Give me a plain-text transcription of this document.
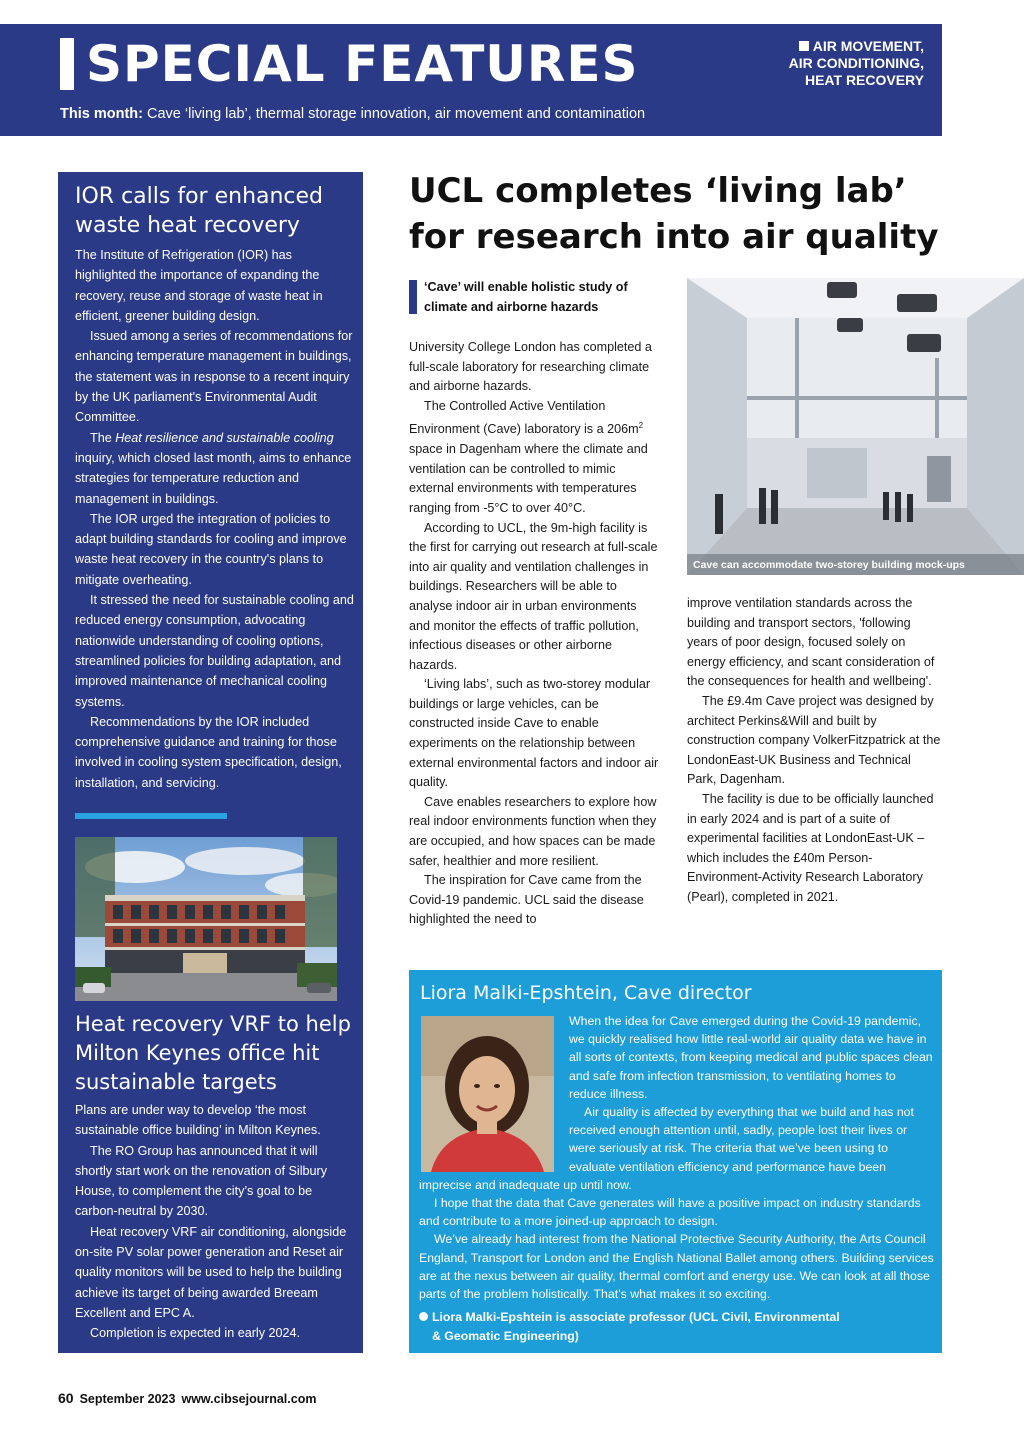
SPECIAL FEATURES
This month: Cave ‘living lab’, thermal storage innovation, air movement and contamination
AIR MOVEMENT,
AIR CONDITIONING,
HEAT RECOVERY
IOR calls for enhanced waste heat recovery

The Institute of Refrigeration (IOR) has highlighted the importance of expanding the recovery, reuse and storage of waste heat in efficient, greener building design.

Issued among a series of recommendations for enhancing temperature management in buildings, the statement was in response to a recent inquiry by the UK parliament's Environmental Audit Committee.

The Heat resilience and sustainable cooling inquiry, which closed last month, aims to enhance strategies for temperature reduction and management in buildings.

The IOR urged the integration of policies to adapt building standards for cooling and improve waste heat recovery in the country's plans to mitigate overheating.

It stressed the need for sustainable cooling and reduced energy consumption, advocating nationwide understanding of cooling options, streamlined policies for building adaptation, and improved maintenance of mechanical cooling systems.

Recommendations by the IOR included comprehensive guidance and training for those involved in cooling system specification, design, installation, and servicing.

Heat recovery VRF to help Milton Keynes office hit sustainable targets

Plans are under way to develop ‘the most sustainable office building’ in Milton Keynes.

The RO Group has announced that it will shortly start work on the renovation of Silbury House, to complement the city’s goal to be carbon-neutral by 2030.

Heat recovery VRF air conditioning, alongside on-site PV solar power generation and Reset air quality monitors will be used to help the building achieve its target of being awarded Breeam Excellent and EPC A.

Completion is expected in early 2024.

UCL completes ‘living lab’ for research into air quality
‘Cave’ will enable holistic study of climate and airborne hazards

University College London has completed a full-scale laboratory for researching climate and airborne hazards.

The Controlled Active Ventilation Environment (Cave) laboratory is a $206m^2$ space in Dagenham where the climate and ventilation can be controlled to mimic external environments with temperatures ranging from -5°C to over 40°C.

According to UCL, the 9m-high facility is the first for carrying out research at full-scale into air quality and ventilation challenges in buildings. Researchers will be able to analyse indoor air in urban environments and monitor the effects of traffic pollution, infectious diseases or other airborne hazards.

‘Living labs’, such as two-storey modular buildings or large vehicles, can be constructed inside Cave to enable experiments on the relationship between external environmental factors and indoor air quality.

Cave enables researchers to explore how real indoor environments function when they are occupied, and how spaces can be made safer, healthier and more resilient.

The inspiration for Cave came from the Covid-19 pandemic. UCL said the disease highlighted the need to

Cave can accommodate two-storey building mock-ups

improve ventilation standards across the building and transport sectors, 'following years of poor design, focused solely on energy efficiency, and scant consideration of the consequences for health and wellbeing'.

The £9.4m Cave project was designed by architect Perkins&Will and built by construction company VolkerFitzpatrick at the LondonEast-UK Business and Technical Park, Dagenham.

The facility is due to be officially launched in early 2024 and is part of a suite of experimental facilities at LondonEast-UK – which includes the £40m Person-Environment-Activity Research Laboratory (Pearl), completed in 2021.

Liora Malki-Epshtein, Cave director

When the idea for Cave emerged during the Covid-19 pandemic, we quickly realised how little real-world air quality data we have in all sorts of contexts, from keeping medical and public spaces clean and safe from infection transmission, to ventilating homes to reduce illness.

Air quality is affected by everything that we build and has not received enough attention until, sadly, people lost their lives or were seriously at risk. The criteria that we’ve been using to evaluate ventilation efficiency and performance have been imprecise and inadequate up until now.

I hope that the data that Cave generates will have a positive impact on industry standards and contribute to a more joined-up approach to design.

We’ve already had interest from the National Protective Security Authority, the Arts Council England, Transport for London and the English National Ballet among others. Building services are at the nexus between air quality, thermal comfort and energy use. We can look at all those parts of the problem holistically. That’s what makes it so exciting.

Liora Malki-Epshtein is associate professor (UCL Civil, Environmental
& Geomatic Engineering)
60 September 2023 www.cibsejournal.com
